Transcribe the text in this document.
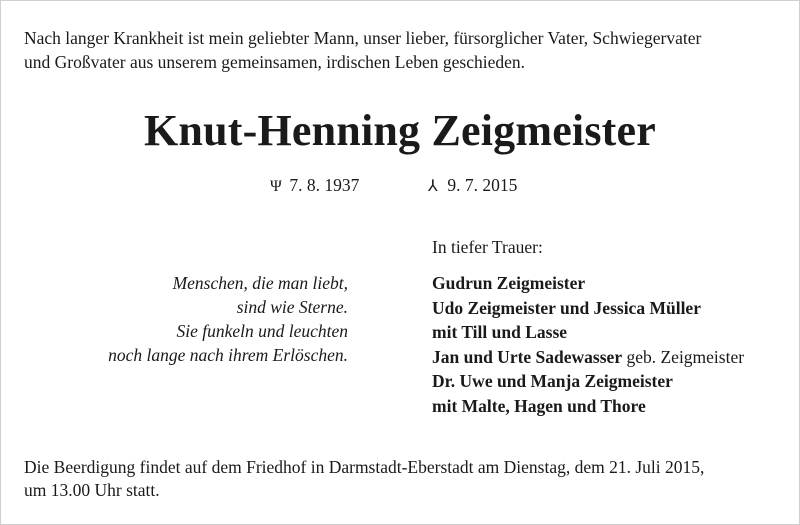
Nach langer Krankheit ist mein geliebter Mann, unser lieber, fürsorglicher Vater, Schwiegervater
und Großvater aus unserem gemeinsamen, irdischen Leben geschieden.
Knut-Henning Zeigmeister
Ψ 7. 8. 1937	⅄ 9. 7. 2015
In tiefer Trauer:
Menschen, die man liebt,
sind wie Sterne.
Sie funkeln und leuchten
noch lange nach ihrem Erlöschen.
Gudrun Zeigmeister
Udo Zeigmeister und Jessica Müller
mit Till und Lasse
Jan und Urte Sadewasser geb. Zeigmeister
Dr. Uwe und Manja Zeigmeister
mit Malte, Hagen und Thore
Die Beerdigung findet auf dem Friedhof in Darmstadt-Eberstadt am Dienstag, dem 21. Juli 2015,
um 13.00 Uhr statt.
